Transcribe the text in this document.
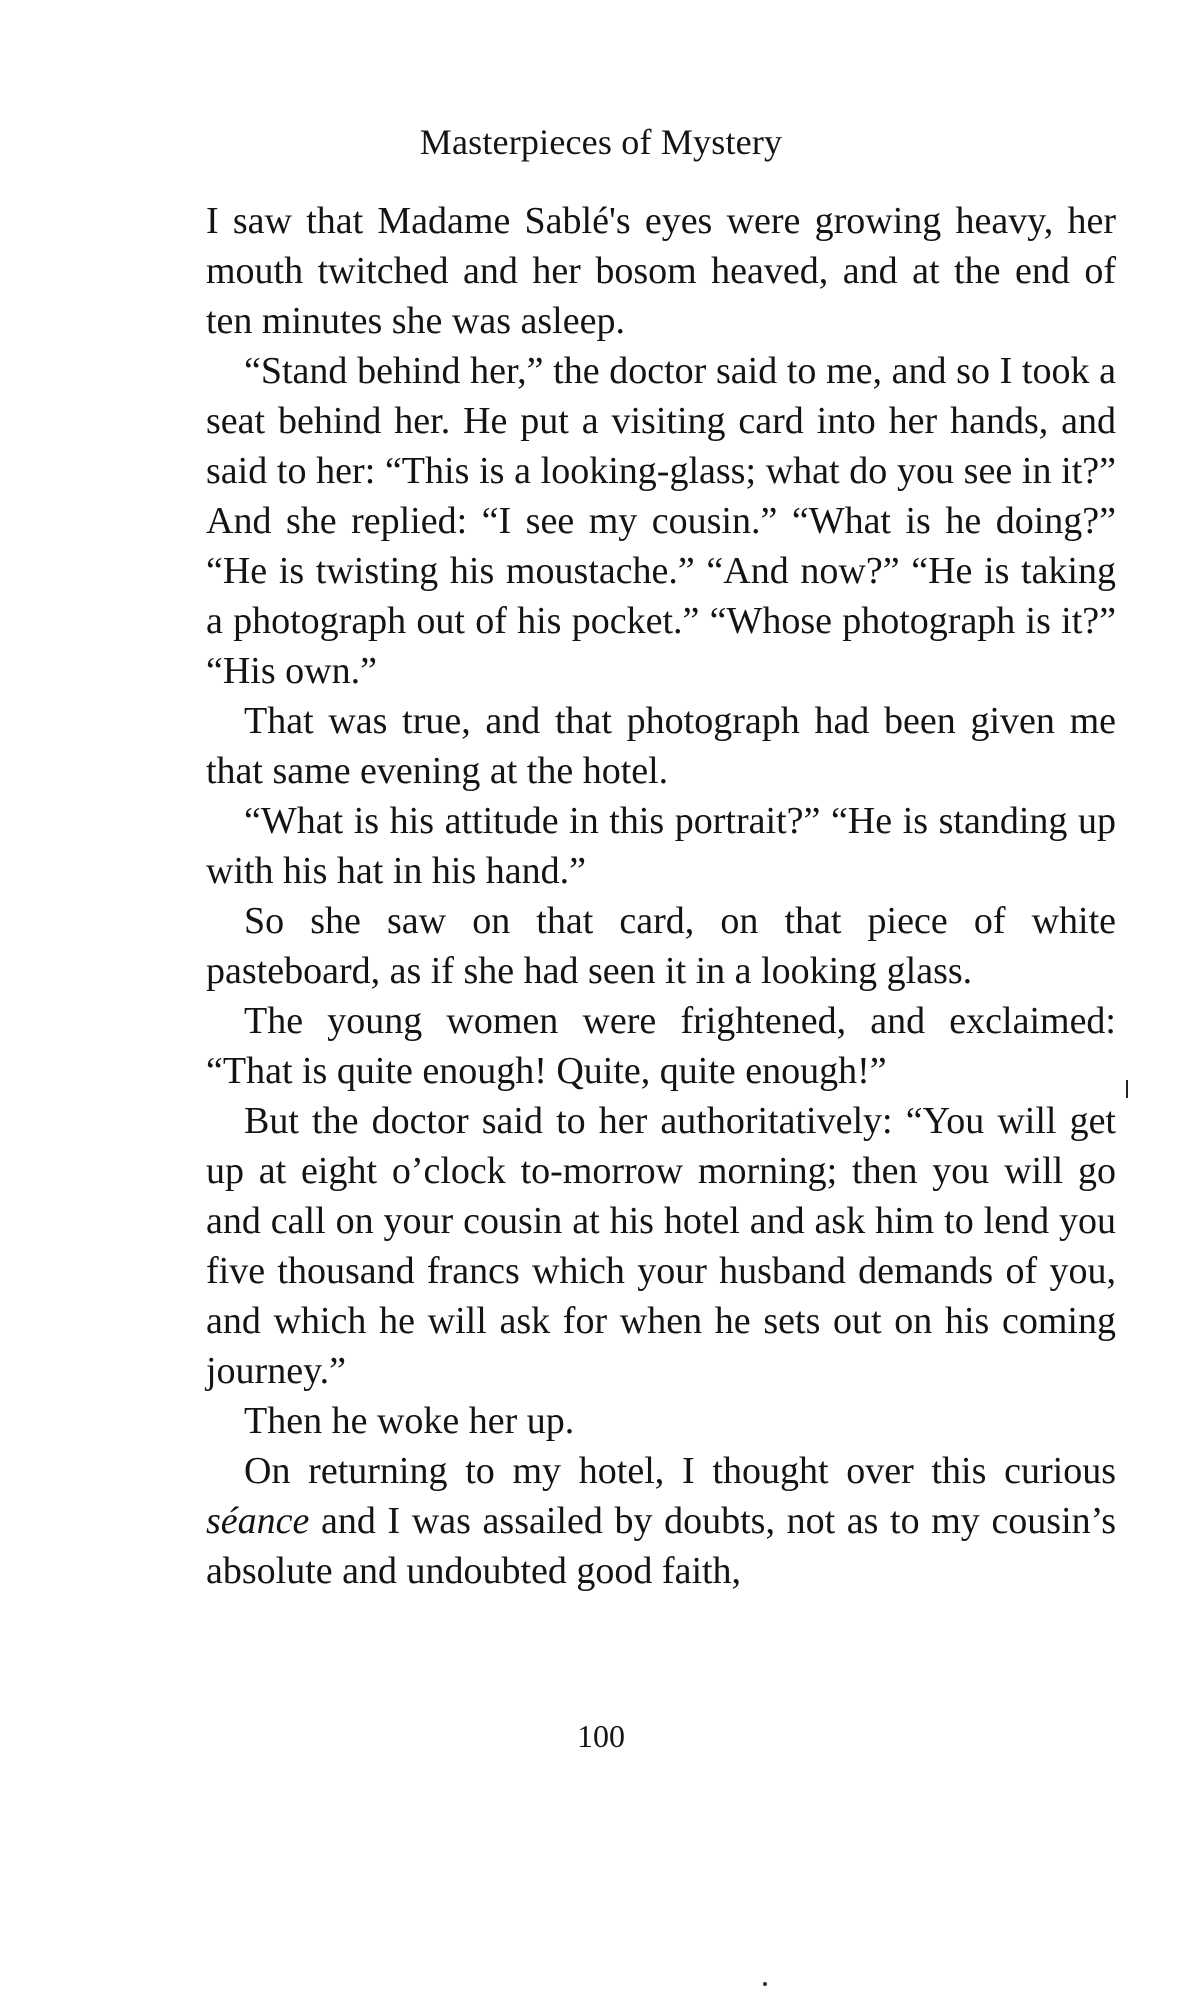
Masterpieces of Mystery

I saw that Madame Sablé's eyes were growing heavy, her mouth twitched and her bosom heaved, and at the end of ten minutes she was asleep.

“Stand behind her,” the doctor said to me, and so I took a seat behind her. He put a visiting card into her hands, and said to her: “This is a looking-glass; what do you see in it?” And she replied: “I see my cousin.” “What is he doing?” “He is twisting his moustache.” “And now?” “He is taking a photograph out of his pocket.” “Whose photograph is it?” “His own.”

That was true, and that photograph had been given me that same evening at the hotel.

“What is his attitude in this portrait?” “He is standing up with his hat in his hand.”

So she saw on that card, on that piece of white pasteboard, as if she had seen it in a looking glass.

The young women were frightened, and exclaimed: “That is quite enough! Quite, quite enough!”

But the doctor said to her authoritatively: “You will get up at eight o’clock to-morrow morning; then you will go and call on your cousin at his hotel and ask him to lend you five thousand francs which your husband demands of you, and which he will ask for when he sets out on his coming journey.”

Then he woke her up.

On returning to my hotel, I thought over this curious séance and I was assailed by doubts, not as to my cousin’s absolute and undoubted good faith,

100
